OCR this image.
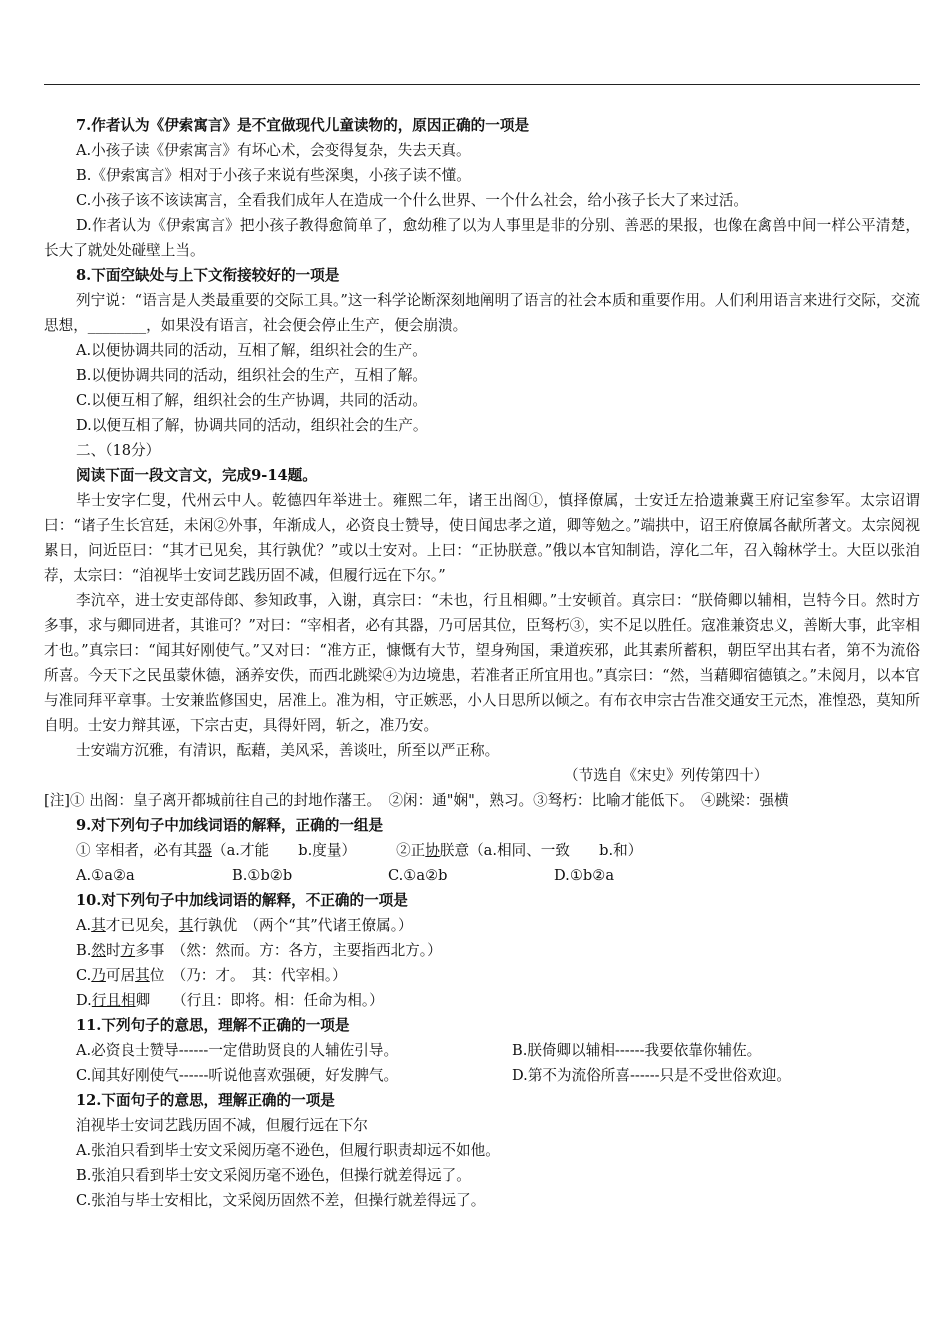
7.作者认为《伊索寓言》是不宜做现代儿童读物的，原因正确的一项是

A.小孩子读《伊索寓言》有坏心术，会变得复杂，失去天真。

B.《伊索寓言》相对于小孩子来说有些深奥，小孩子读不懂。

C.小孩子该不该读寓言，全看我们成年人在造成一个什么世界、一个什么社会，给小孩子长大了来过活。

D.作者认为《伊索寓言》把小孩子教得愈简单了，愈幼稚了以为人事里是非的分别、善恶的果报，也像在禽兽中间一样公平清楚，长大了就处处碰壁上当。

8.下面空缺处与上下文衔接较好的一项是

列宁说：“语言是人类最重要的交际工具。”这一科学论断深刻地阐明了语言的社会本质和重要作用。人们利用语言来进行交际，交流思想，________，如果没有语言，社会便会停止生产，便会崩溃。

A.以便协调共同的活动，互相了解，组织社会的生产。

B.以便协调共同的活动，组织社会的生产，互相了解。

C.以便互相了解，组织社会的生产协调，共同的活动。

D.以便互相了解，协调共同的活动，组织社会的生产。

二、（18分）

阅读下面一段文言文，完成9-14题。

毕士安字仁叟，代州云中人。乾德四年举进士。雍熙二年，诸王出阁①，慎择僚属，士安迁左拾遗兼冀王府记室参军。太宗诏谓曰：“诸子生长宫廷，未闲②外事，年渐成人，必资良士赞导，使日闻忠孝之道，卿等勉之。”端拱中，诏王府僚属各献所著文。太宗阅视累日，问近臣曰：“其才已见矣，其行孰优？”或以士安对。上曰：“正协朕意。”俄以本官知制诰，淳化二年，召入翰林学士。大臣以张洎荐，太宗曰：“洎视毕士安词艺践历固不减，但履行远在下尔。”

李沆卒，进士安吏部侍郎、参知政事，入谢，真宗曰：“未也，行且相卿。”士安顿首。真宗曰：“朕倚卿以辅相，岂特今日。然时方多事，求与卿同进者，其谁可？”对曰：“宰相者，必有其器，乃可居其位，臣驽朽③，实不足以胜任。寇准兼资忠义，善断大事，此宰相才也。”真宗曰：“闻其好刚使气。”又对曰：“准方正，慷慨有大节，望身殉国，秉道疾邪，此其素所蓄积，朝臣罕出其右者，第不为流俗所喜。今天下之民虽蒙休德，涵养安佚，而西北跳梁④为边境患，若准者正所宜用也。”真宗曰：“然，当藉卿宿德镇之。”未阅月，以本官与准同拜平章事。士安兼监修国史，居准上。准为相，守正嫉恶，小人日思所以倾之。有布衣申宗古告准交通安王元杰，准惶恐，莫知所自明。士安力辩其诬，下宗古吏，具得奸罔，斩之，准乃安。

士安端方沉雅，有清识，酝藉，美风采，善谈吐，所至以严正称。

（节选自《宋史》列传第四十）

[注]① 出阁：皇子离开都城前往自己的封地作藩王。　②闲：通"娴"，熟习。③驽朽：比喻才能低下。　④跳梁：强横

9.对下列句子中加线词语的解释，正确的一组是

① 宰相者，必有其器（a.才能　　b.度量）	②正协朕意（a.相同、一致　　b.和）

A.①a②a	B.①b②b	C.①a②b	D.①b②a

10.对下列句子中加线词语的解释，不正确的一项是

A.其才已见矣，其行孰优　（两个“其”代诸王僚属。）

B.然时方多事　（然：然而。方：各方，主要指西北方。）

C.乃可居其位　（乃：才。　其：代宰相。）

D.行且相卿　　（行且：即将。相：任命为相。）

11.下列句子的意思，理解不正确的一项是

A.必资良士赞导------一定借助贤良的人辅佐引导。	B.朕倚卿以辅相------我要依靠你辅佐。
C.闻其好刚使气------听说他喜欢强硬，好发脾气。	D.第不为流俗所喜------只是不受世俗欢迎。

12.下面句子的意思，理解正确的一项是

洎视毕士安词艺践历固不减，但履行远在下尔

A.张洎只看到毕士安文采阅历毫不逊色，但履行职责却远不如他。

B.张洎只看到毕士安文采阅历毫不逊色，但操行就差得远了。

C.张洎与毕士安相比，文采阅历固然不差，但操行就差得远了。
